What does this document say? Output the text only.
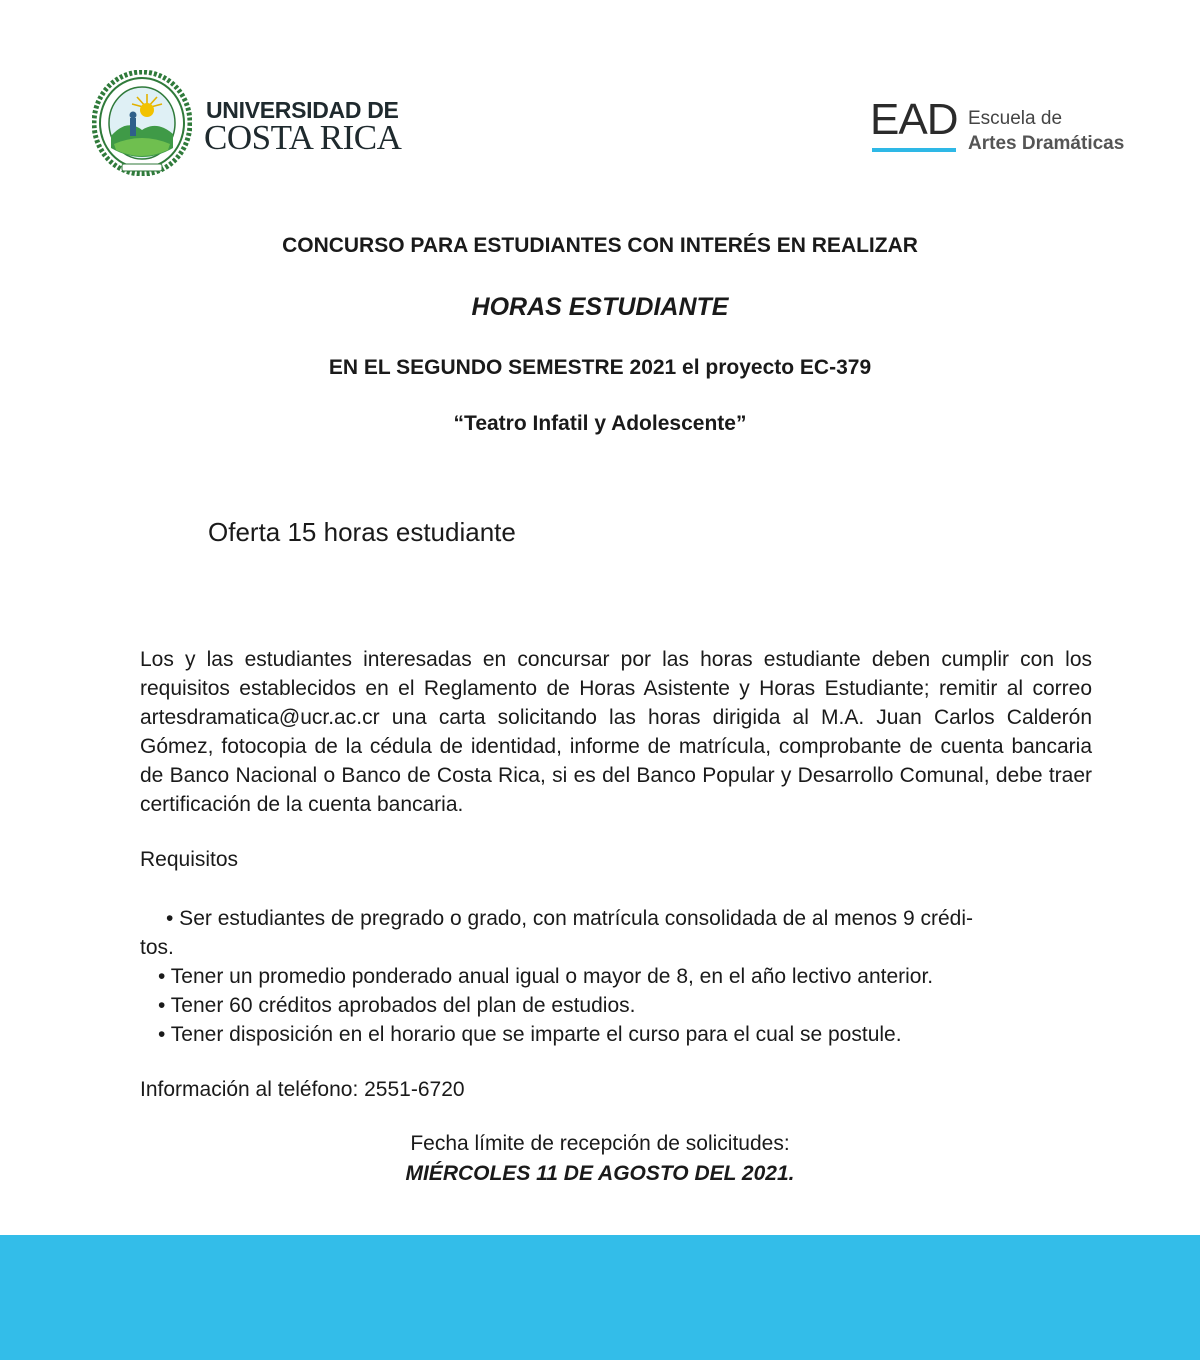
UNIVERSIDAD DE
COSTA RICA	EAD Escuela de
Artes Dramáticas
CONCURSO PARA ESTUDIANTES CON INTERÉS EN REALIZAR
HORAS ESTUDIANTE
EN EL SEGUNDO SEMESTRE 2021 el proyecto EC-379
“Teatro Infatil y Adolescente”
Oferta 15 horas estudiante
Los y las estudiantes interesadas en concursar por las horas estudiante deben cumplir con los requisitos establecidos en el Reglamento de Horas Asistente y Horas Estudiante; remitir al correo artesdramatica@ucr.ac.cr una carta solicitando las horas dirigida al M.A. Juan Carlos Calderón Gómez, fotocopia de la cédula de identidad, informe de matrícula, comprobante de cuenta bancaria de Banco Nacional o Banco de Costa Rica, si es del Banco Popular y Desarrollo Comunal, debe traer certificación de la cuenta bancaria.
Requisitos
• Ser estudiantes de pregrado o grado, con matrícula consolidada de al menos 9 crédi-
tos.
• Tener un promedio ponderado anual igual o mayor de 8, en el año lectivo anterior.
• Tener 60 créditos aprobados del plan de estudios.
• Tener disposición en el horario que se imparte el curso para el cual se postule.
Información al teléfono: 2551-6720
Fecha límite de recepción de solicitudes:
MIÉRCOLES 11 DE AGOSTO DEL 2021.
